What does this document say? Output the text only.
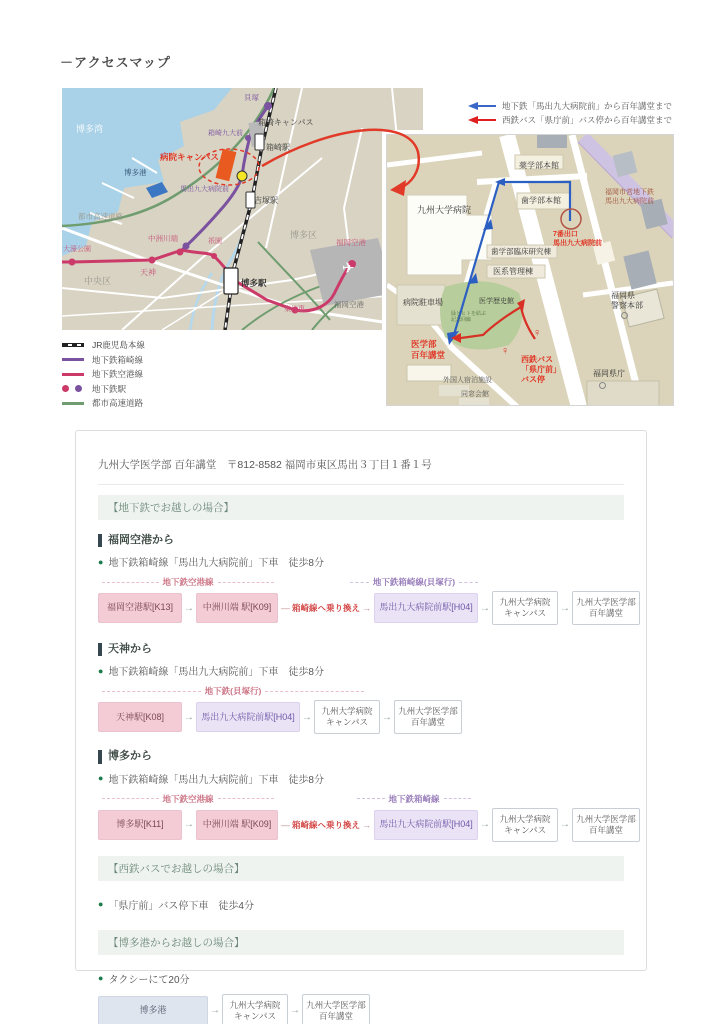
－アクセスマップ
博多湾
貝塚
箱崎キャンパス
箱崎九大前
箱崎駅
病院キャンパス
馬出九大病院前
吉塚駅
博多港
都市高速道路
中洲川端	祇園
大濠公園
天神
中央区	博多駅
博多区
東比恵
福岡空港
✈
福岡空港
JR鹿児島本線
地下鉄箱崎線
地下鉄空港線
地下鉄駅
都市高速道路
地下鉄「馬出九大病院前」から百年講堂まで
西鉄バス「県庁前」バス停から百年講堂まで
薬学部本館
九州大学病院
歯学部本館
福岡市営地下鉄
馬出九大病院前
7番出口
馬出九大病院前
歯学部臨床研究棟
医系管理棟
病院駐車場	医学歴史館
緑とヒトを結ぶ
記念回廊
医学部
百年講堂
外国人宿泊施設
同窓会館
西鉄バス
「県庁前」
バス停
福岡県庁
福岡県
警察本部
♀
♀
九州大学医学部 百年講堂　〒812-8582 福岡市東区馬出３丁目１番１号
【地下鉄でお越しの場合】
福岡空港から
● 地下鉄箱崎線「馬出九大病院前」下車　徒歩8分
地下鉄空港線	地下鉄箱崎線(貝塚行)
福岡空港駅[K13]	→ 中洲川端 駅[K09]	— 箱崎線へ乗り換え → 馬出九大病院前駅[H04] →
九州大学病院
キャンパス →
九州大学医学部
百年講堂
天神から
● 地下鉄箱崎線「馬出九大病院前」下車　徒歩8分
地下鉄(貝塚行)
天神駅[K08]	→ 馬出九大病院前駅[H04] →
九州大学病院
キャンパス →
九州大学医学部
百年講堂
博多から
● 地下鉄箱崎線「馬出九大病院前」下車　徒歩8分
地下鉄空港線	地下鉄箱崎線
博多駅[K11]	→ 中洲川端 駅[K09]	— 箱崎線へ乗り換え → 馬出九大病院前駅[H04] →
九州大学病院
キャンパス →
九州大学医学部
百年講堂
【西鉄バスでお越しの場合】
● 「県庁前」バス停下車　徒歩4分
【博多港からお越しの場合】
● タクシーにて20分
博多港	→
九州大学病院
キャンパス →
九州大学医学部
百年講堂
